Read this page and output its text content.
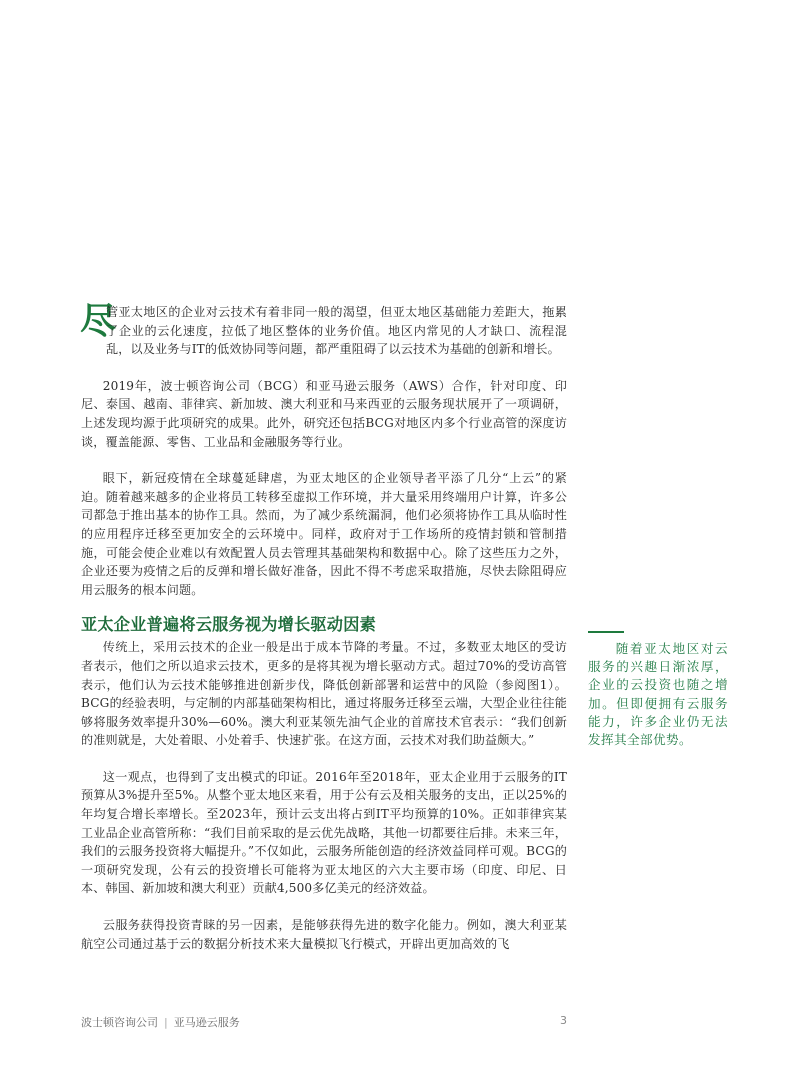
尽

管亚太地区的企业对云技术有着非同一般的渴望，但亚太地区基础能力差距大，拖累了企业的云化速度，拉低了地区整体的业务价值。地区内常见的人才缺口、流程混乱，以及业务与IT的低效协同等问题，都严重阻碍了以云技术为基础的创新和增长。

2019年，波士顿咨询公司（BCG）和亚马逊云服务（AWS）合作，针对印度、印尼、泰国、越南、菲律宾、新加坡、澳大利亚和马来西亚的云服务现状展开了一项调研，上述发现均源于此项研究的成果。此外，研究还包括BCG对地区内多个行业高管的深度访谈，覆盖能源、零售、工业品和金融服务等行业。

眼下，新冠疫情在全球蔓延肆虐，为亚太地区的企业领导者平添了几分“上云”的紧迫。随着越来越多的企业将员工转移至虚拟工作环境，并大量采用终端用户计算，许多公司都急于推出基本的协作工具。然而，为了减少系统漏洞，他们必须将协作工具从临时性的应用程序迁移至更加安全的云环境中。同样，政府对于工作场所的疫情封锁和管制措施，可能会使企业难以有效配置人员去管理其基础架构和数据中心。除了这些压力之外，企业还要为疫情之后的反弹和增长做好准备，因此不得不考虑采取措施，尽快去除阻碍应用云服务的根本问题。

亚太企业普遍将云服务视为增长驱动因素

传统上，采用云技术的企业一般是出于成本节降的考量。不过，多数亚太地区的受访者表示，他们之所以追求云技术，更多的是将其视为增长驱动方式。超过70%的受访高管表示，他们认为云技术能够推进创新步伐，降低创新部署和运营中的风险（参阅图1）。BCG的经验表明，与定制的内部基础架构相比，通过将服务迁移至云端，大型企业往往能够将服务效率提升30%—60%。澳大利亚某领先油气企业的首席技术官表示：“我们创新的准则就是，大处着眼、小处着手、快速扩张。在这方面，云技术对我们助益颇大。”

这一观点，也得到了支出模式的印证。2016年至2018年，亚太企业用于云服务的IT预算从3%提升至5%。从整个亚太地区来看，用于公有云及相关服务的支出，正以25%的年均复合增长率增长。至2023年，预计云支出将占到IT平均预算的10%。正如菲律宾某工业品企业高管所称：“我们目前采取的是云优先战略，其他一切都要往后排。未来三年，我们的云服务投资将大幅提升。”不仅如此，云服务所能创造的经济效益同样可观。BCG的一项研究发现，公有云的投资增长可能将为亚太地区的六大主要市场（印度、印尼、日本、韩国、新加坡和澳大利亚）贡献4,500多亿美元的经济效益。

云服务获得投资青睐的另一因素，是能够获得先进的数字化能力。例如，澳大利亚某航空公司通过基于云的数据分析技术来大量模拟飞行模式，开辟出更加高效的飞

随着亚太地区对云服务的兴趣日渐浓厚，企业的云投资也随之增加。但即便拥有云服务能力，许多企业仍无法发挥其全部优势。
波士顿咨询公司 | 亚马逊云服务	3
